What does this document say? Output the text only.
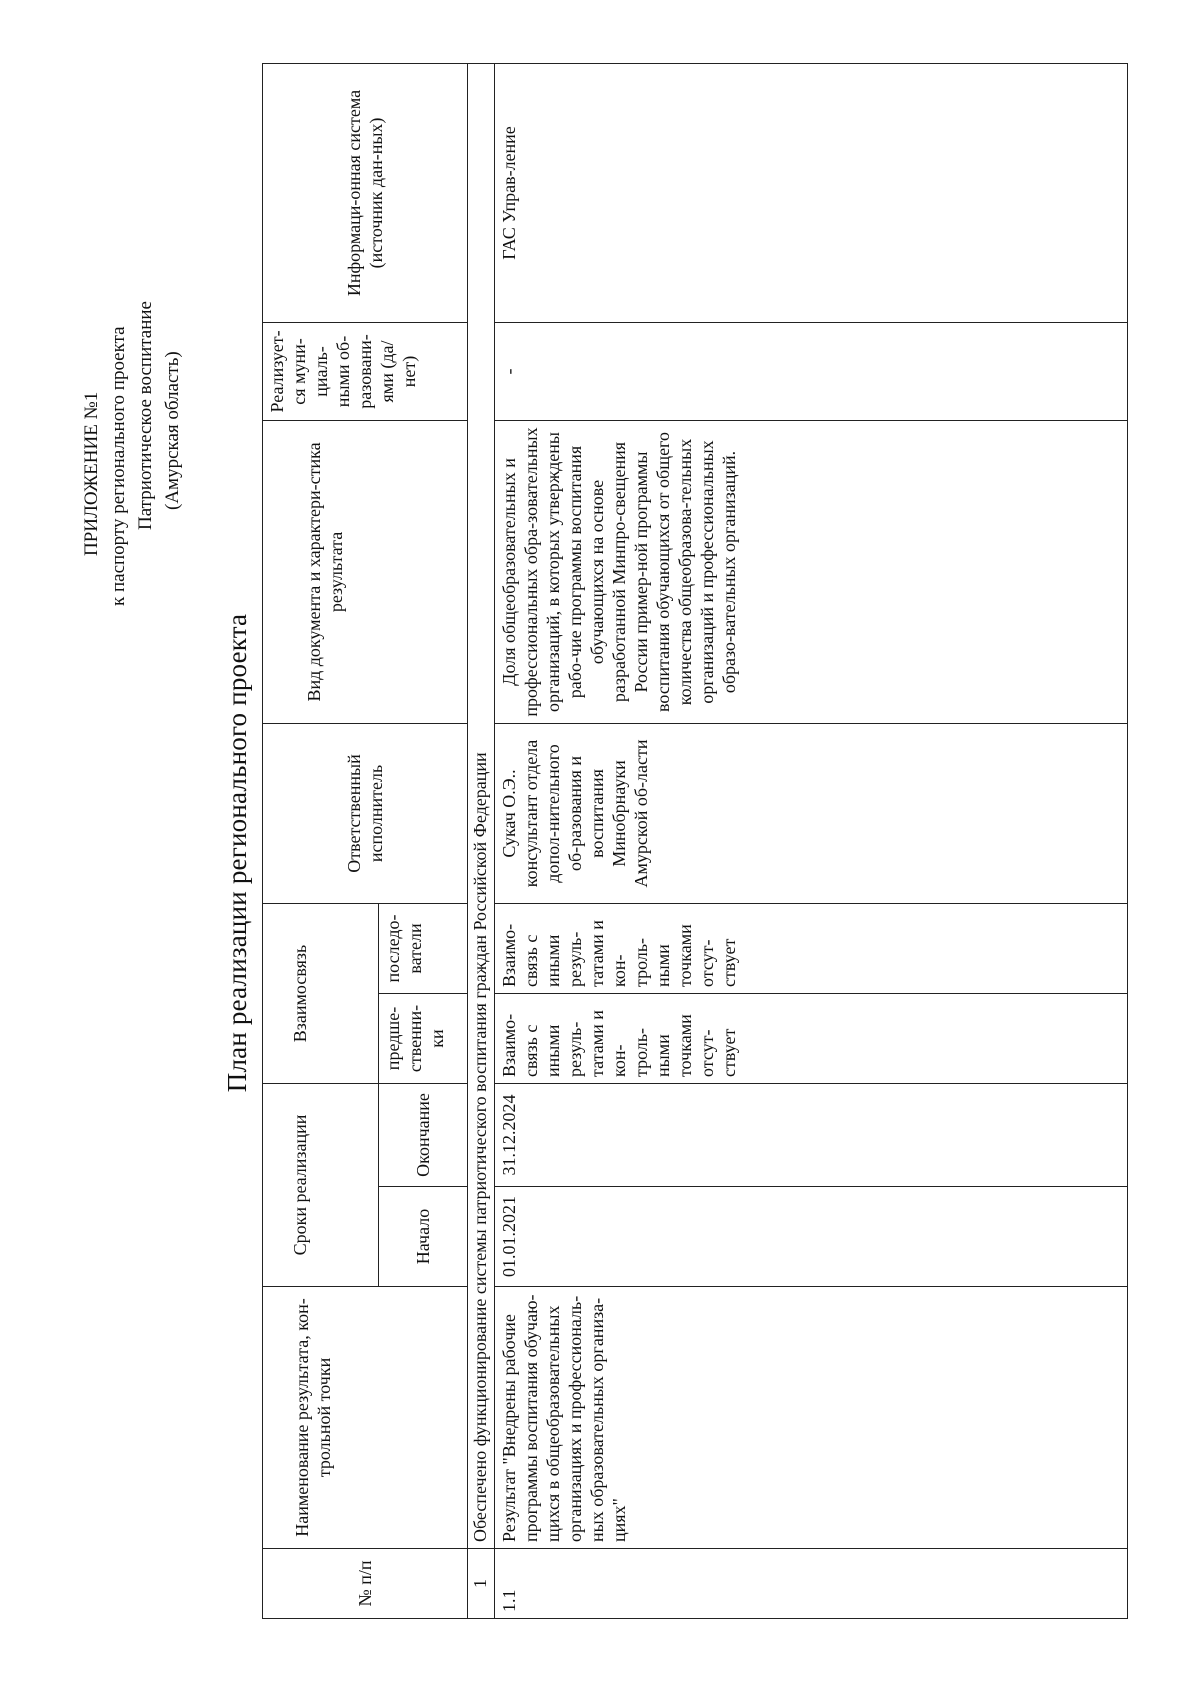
ПРИЛОЖЕНИЕ №1 к паспорту регионального проекта Патриотическое воспитание (Амурская область)
План реализации регионального проекта
№ п/п	Наименование результата, кон-трольной точки	Сроки реализации		Взаимосвязь		Ответственный исполнитель	Вид документа и характери-стика результата	Реализует-ся муни-циаль-ными об-разовани-ями (да/нет)	Информаци-онная система (источник дан-ных)
		Начало	Окончание	предше-ственни-ки	последо-ватели				
1	Обеспечено функционирование системы патриотического воспитания граждан Российской Федерации								
1.1	Результат "Внедрены рабочие программы воспитания обучаю-щихся в общеобразовательных организациях и профессиональ-ных образовательных организа-циях"	01.01.2021	31.12.2024	Взаимо-связь с иными резуль-татами и кон-троль-ными точками отсут-ствует	Взаимо-связь с иными резуль-татами и кон-троль-ными точками отсут-ствует	Сукач О.Э.. консультант отдела допол-нительного об-разования и воспитания Минобрнауки Амурской об-ласти	Доля общеобразовательных и профессиональных обра-зовательных организаций, в которых утверждены рабо-чие программы воспитания обучающихся на основе разработанной Минпро-свещения России пример-ной программы воспитания обучающихся от общего количества общеобразова-тельных организаций и профессиональных образо-вательных организаций.	-	ГАС Управ-ление
